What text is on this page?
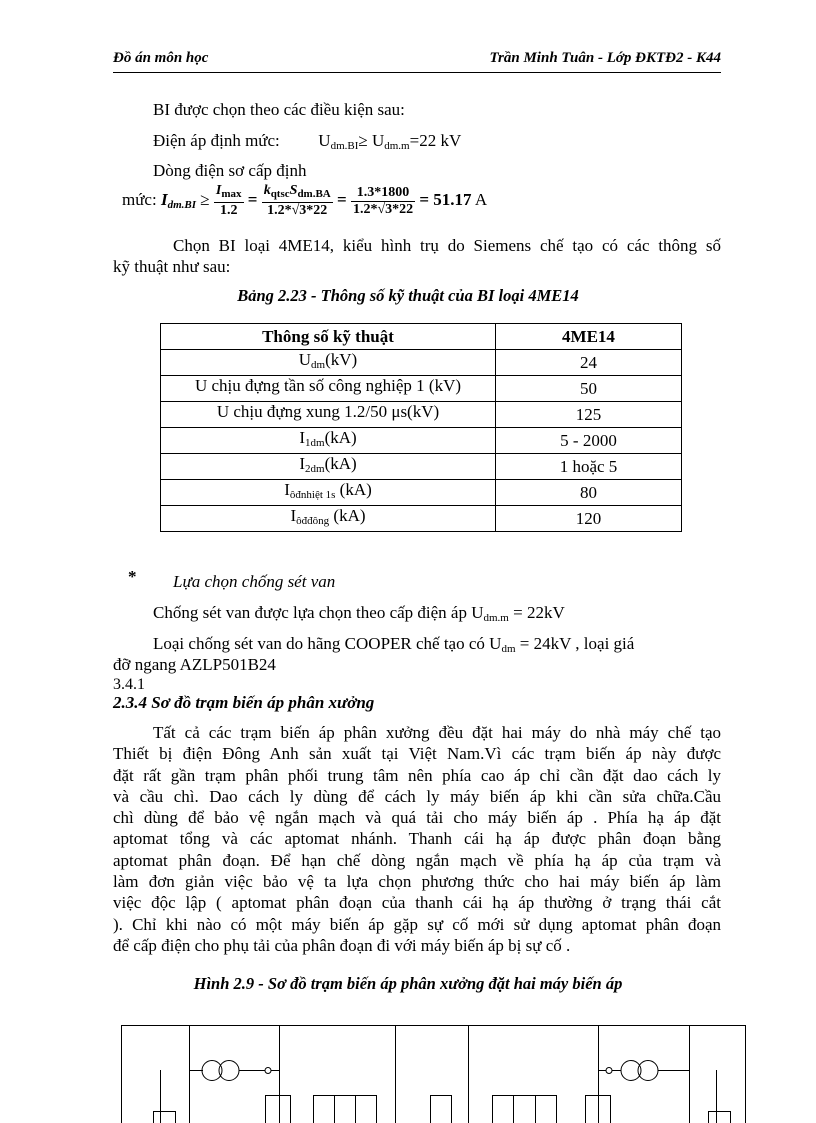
Đồ án môn học	Trần Minh Tuân - Lớp ĐKTĐ2 - K44
BI được chọn theo các điều kiện sau:
Điện áp định mức: $U_{dm.BI}\ge U_{dm.m}=22$ kV
Dòng điện sơ cấp định
mức: $I_{dm.BI} \ge \frac{I_{max}}{1.2} = \frac{k_{qtsc}S_{dm.BA}}{1.2*√3*22} = \frac{1.3*1800}{1.2*√3*22} = 51.17$ A
Chọn BI loại 4ME14, kiểu hình trụ do Siemens chế tạo có các thông số
kỹ thuật như sau:
Bảng 2.23 - Thông số kỹ thuật của BI loại 4ME14
Thông số kỹ thuật	4ME14
$U_{dm}(kV)$	24
U chịu đựng tần số công nghiệp 1 (kV)	50
U chịu đựng xung 1.2/50 μs(kV)	125
$I_{1dm}(kA)$	5 - 2000
$I_{2dm}(kA)$	1 hoặc 5
$I_{ôđnhiệt 1s}$ (kA)	80
$I_{ôđđông}$ (kA)	120
* Lựa chọn chống sét van
Chống sét van được lựa chọn theo cấp điện áp $U_{dm.m} = 22kV$
Loại chống sét van do hãng COOPER chế tạo có $U_{dm} = 24kV$ , loại giá
đỡ ngang AZLP501B24
3.4.1
2.3.4 Sơ đồ trạm biến áp phân xưởng
Tất cả các trạm biến áp phân xưởng đều đặt hai máy do nhà máy chế tạo
Thiết bị điện Đông Anh sản xuất tại Việt Nam.Vì các trạm biến áp này được
đặt rất gần trạm phân phối trung tâm nên phía cao áp chỉ cần đặt dao cách ly
và cầu chì. Dao cách ly dùng để cách ly máy biến áp khi cần sửa chữa.Cầu
chì dùng để bảo vệ ngắn mạch và quá tải cho máy biến áp . Phía hạ áp đặt
aptomat tổng và các aptomat nhánh. Thanh cái hạ áp được phân đoạn bằng
aptomat phân đoạn. Để hạn chế dòng ngắn mạch về phía hạ áp của trạm và
làm đơn giản việc bảo vệ ta lựa chọn phương thức cho hai máy biến áp làm
việc độc lập ( aptomat phân đoạn của thanh cái hạ áp thường ở trạng thái cắt
). Chỉ khi nào có một máy biến áp gặp sự cố mới sử dụng aptomat phân đoạn
để cấp điện cho phụ tải của phân đoạn đi với máy biến áp bị sự cố .
Hình 2.9 - Sơ đồ trạm biến áp phân xưởng đặt hai máy biến áp
